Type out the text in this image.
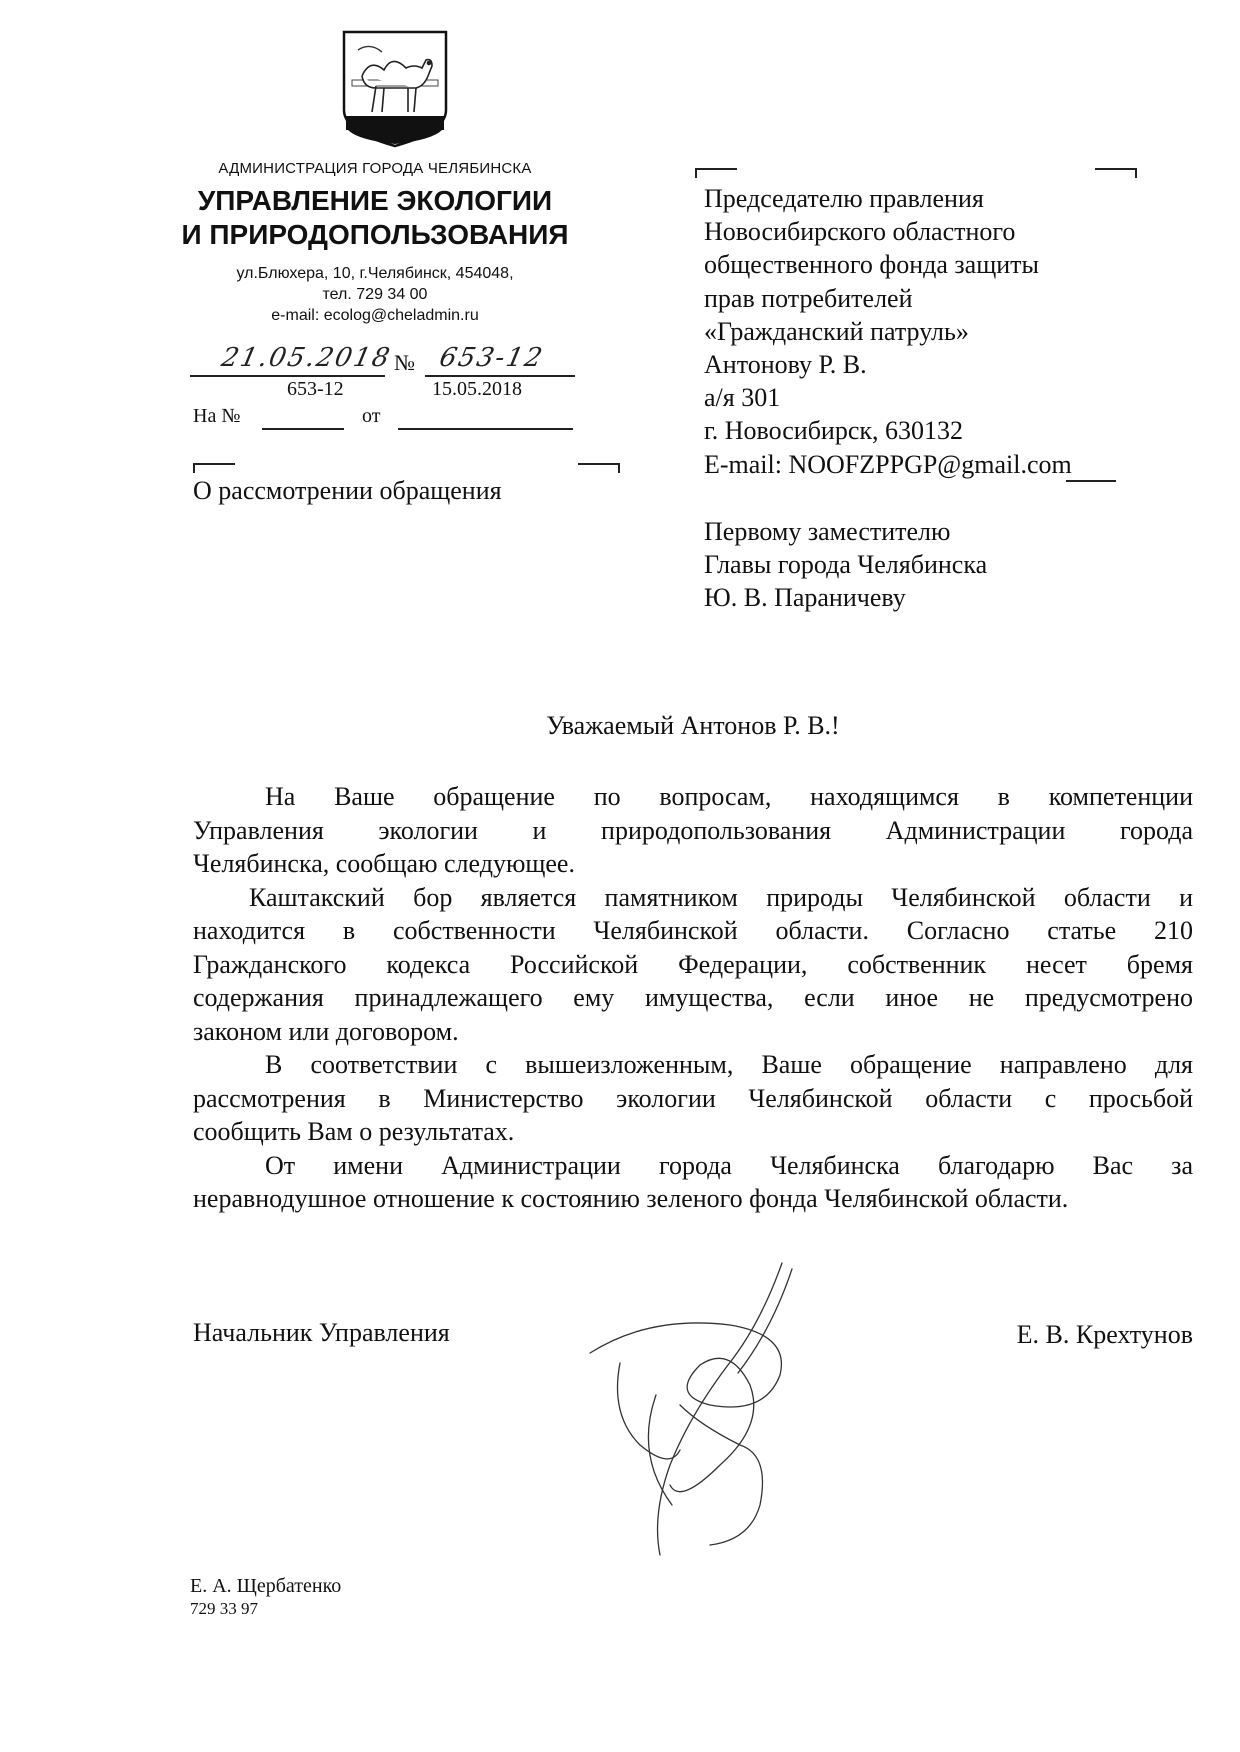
АДМИНИСТРАЦИЯ ГОРОДА ЧЕЛЯБИНСКА
УПРАВЛЕНИЕ ЭКОЛОГИИ
И ПРИРОДОПОЛЬЗОВАНИЯ
ул.Блюхера, 10, г.Челябинск, 454048,
тел. 729 34 00
e-mail: ecolog@cheladmin.ru
21.05.2018 № 653-12
653-12	15.05.2018
На №	от
О рассмотрении обращения
Председателю правления
Новосибирского областного
общественного фонда защиты
прав потребителей
«Гражданский патруль»
Антонову Р. В.
а/я 301
г. Новосибирск, 630132
E-mail: NOOFZPPGP@gmail.com
Первому заместителю
Главы города Челябинска
Ю. В. Параничеву
Уважаемый Антонов Р. В.!

На Ваше обращение по вопросам, находящимся в компетенции
Управления экологии и природопользования Администрации города
Челябинска, сообщаю следующее.

Каштакский бор является памятником природы Челябинской области и
находится в собственности Челябинской области. Согласно статье 210
Гражданского кодекса Российской Федерации, собственник несет бремя
содержания принадлежащего ему имущества, если иное не предусмотрено
законом или договором.

В соответствии с вышеизложенным, Ваше обращение направлено для
рассмотрения в Министерство экологии Челябинской области с просьбой
сообщить Вам о результатах.

От имени Администрации города Челябинска благодарю Вас за
неравнодушное отношение к состоянию зеленого фонда Челябинской области.

Начальник Управления	Е. В. Крехтунов
Е. А. Щербатенко
729 33 97
